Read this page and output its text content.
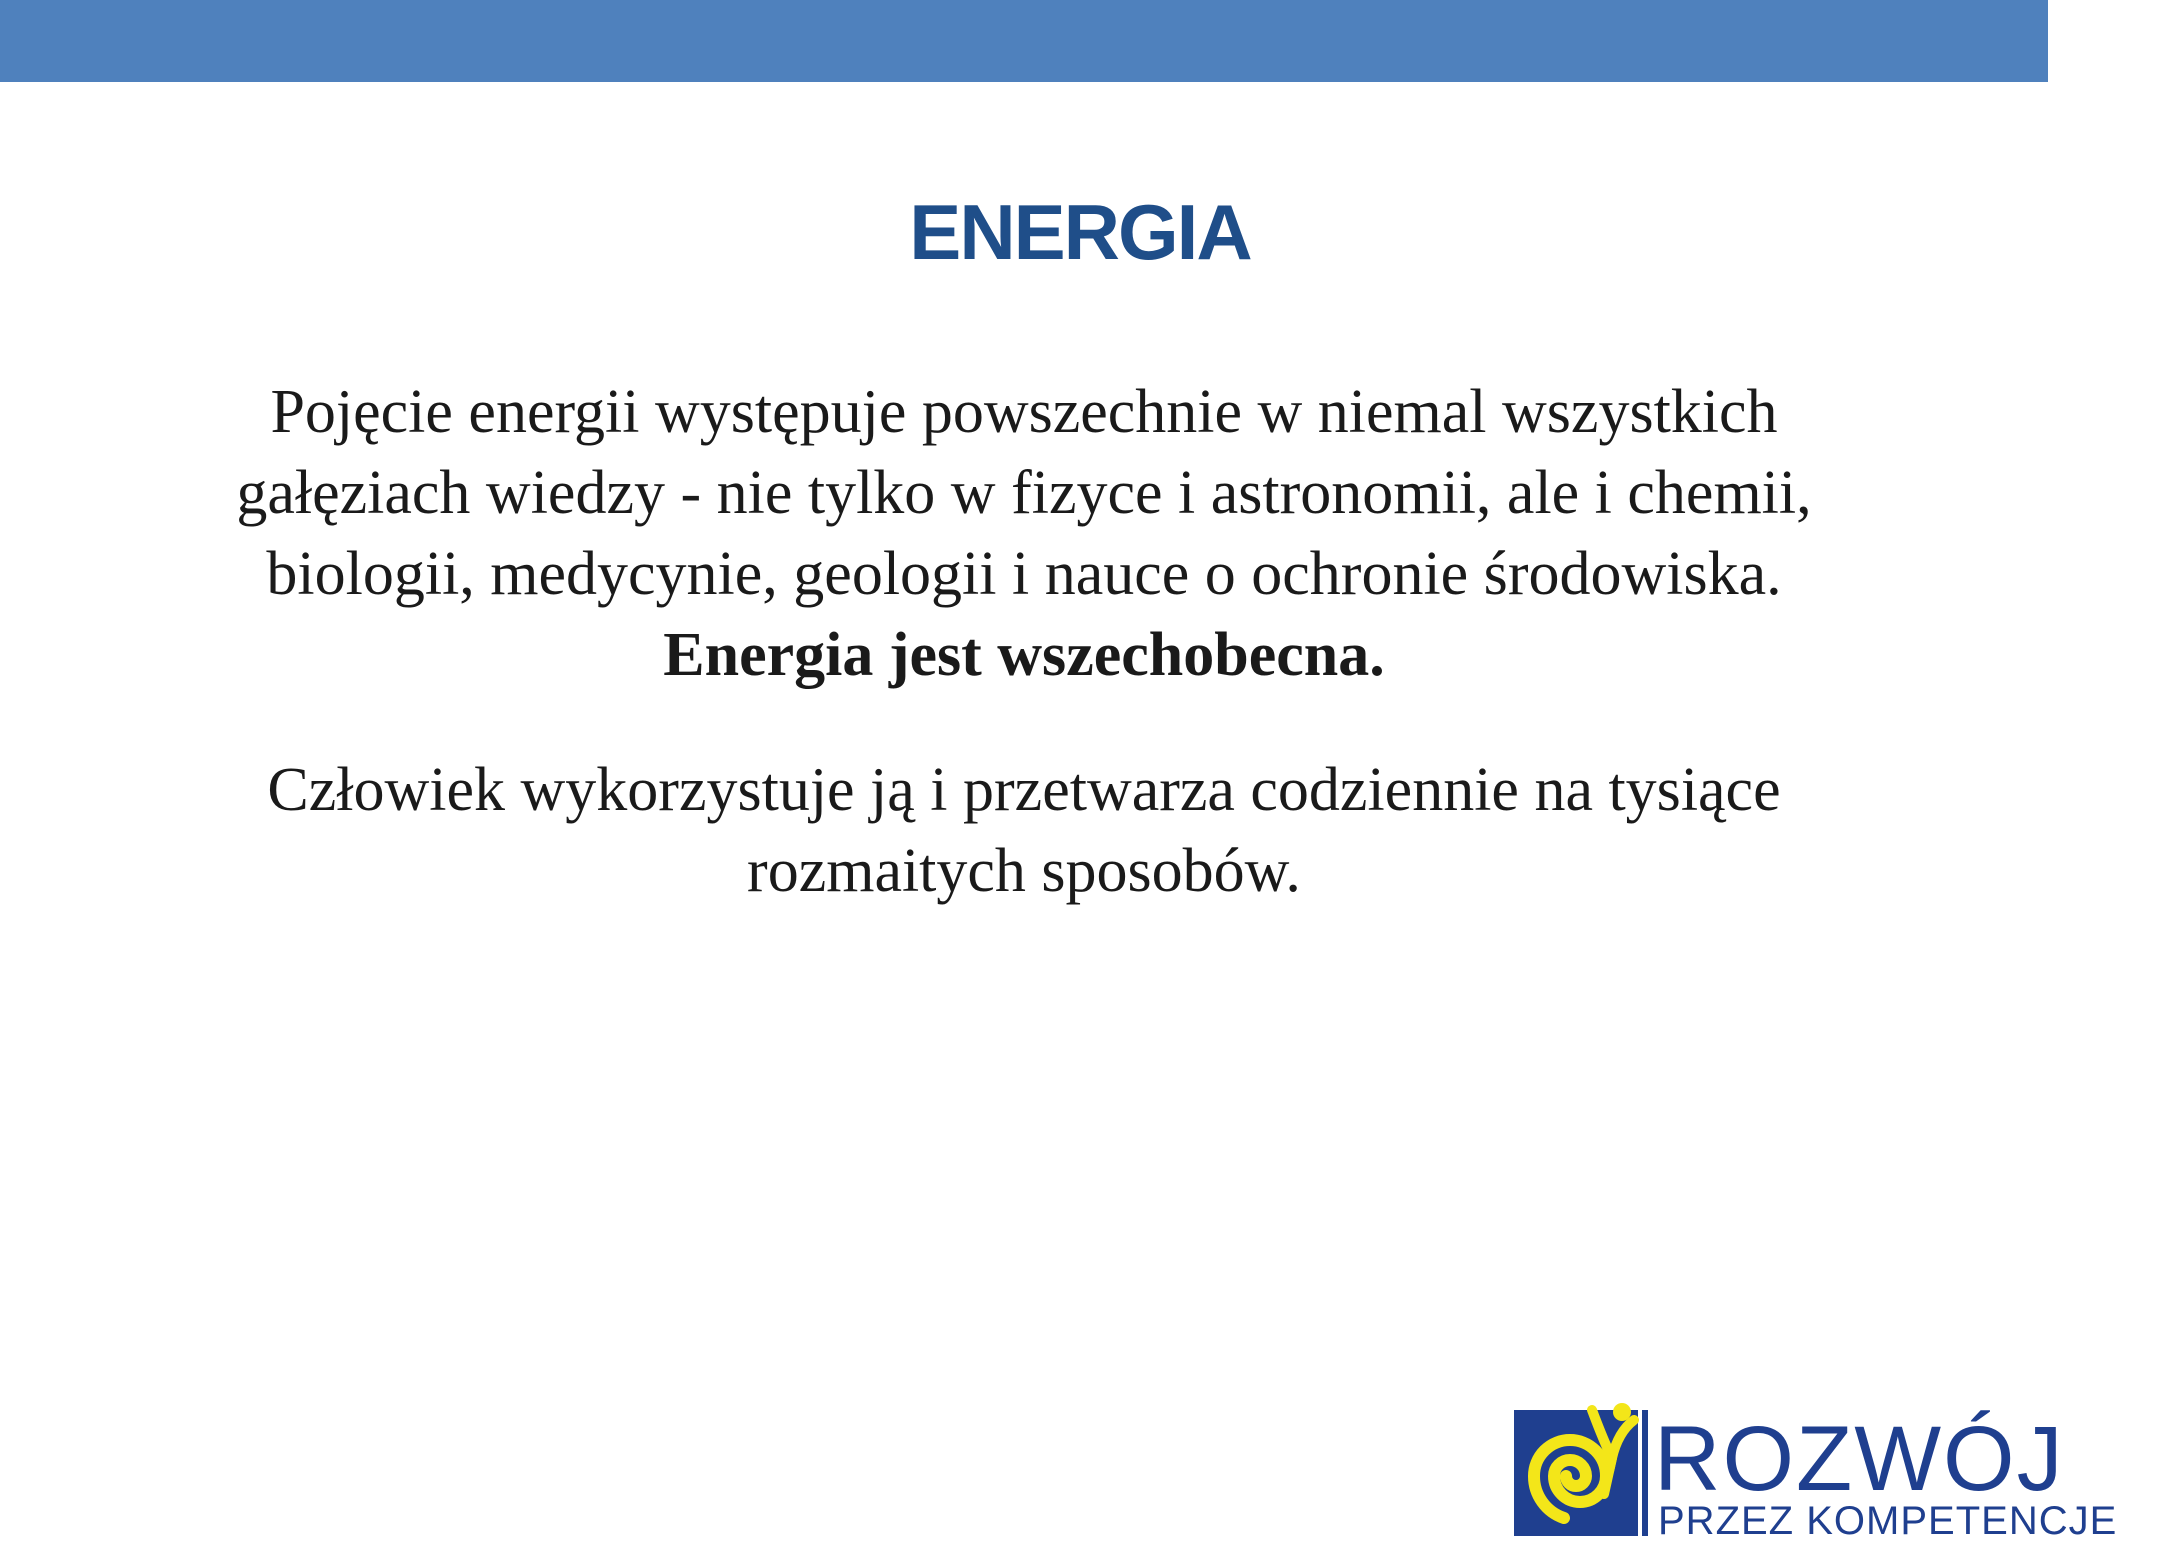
ENERGIA
Pojęcie energii występuje powszechnie w niemal wszystkich
gałęziach wiedzy - nie tylko w fizyce i astronomii, ale i chemii,
biologii, medycynie, geologii i nauce o ochronie środowiska.
Energia jest wszechobecna.
Człowiek wykorzystuje ją i przetwarza codziennie na tysiące
rozmaitych sposobów.
ROZWÓJ
PRZEZ KOMPETENCJE
